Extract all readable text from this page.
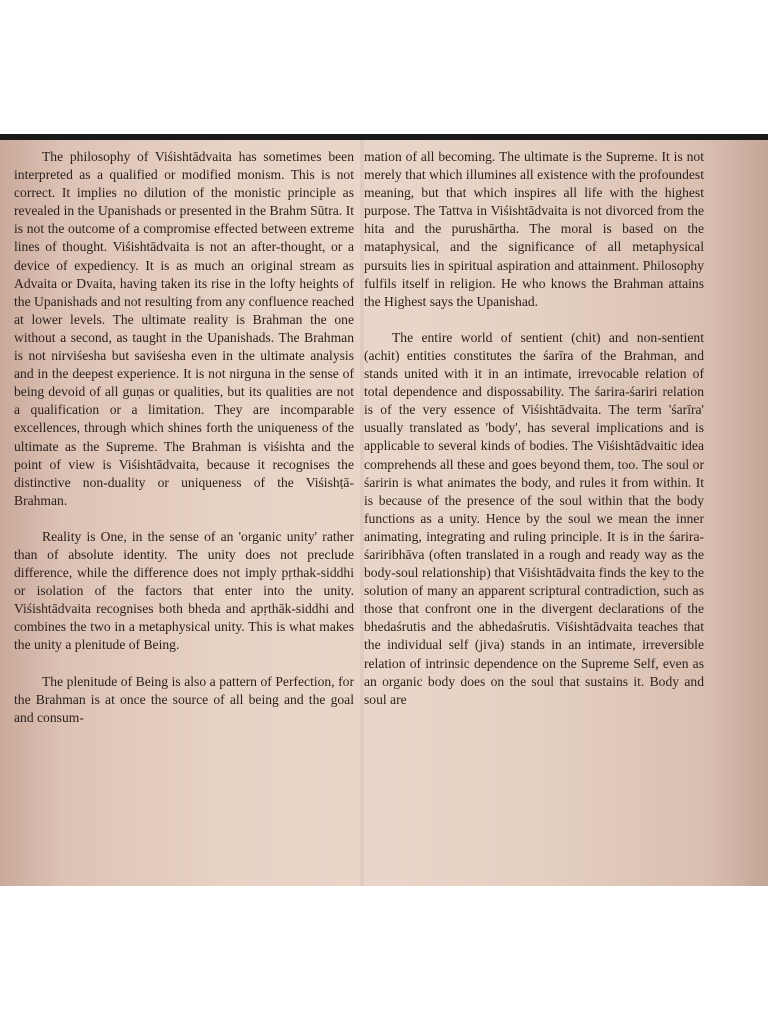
The philosophy of Viśishtādvaita has sometimes been interpreted as a qualified or modified monism. This is not correct. It implies no dilution of the monistic principle as revealed in the Upanishads or presented in the Brahm Sūtra. It is not the outcome of a compromise effected between extreme lines of thought. Viśishtādvaita is not an after-thought, or a device of expediency. It is as much an original stream as Advaita or Dvaita, having taken its rise in the lofty heights of the Upanishads and not resulting from any confluence reached at lower levels. The ultimate reality is Brahman the one without a second, as taught in the Upanishads. The Brahman is not nirviśesha but saviśesha even in the ultimate analysis and in the deepest experience. It is not nirguna in the sense of being devoid of all guṇas or qualities, but its qualities are not a qualification or a limitation. They are incomparable excellences, through which shines forth the uniqueness of the ultimate as the Supreme. The Brahman is viśishta and the point of view is Viśishtādvaita, because it recognises the distinctive non-duality or uniqueness of the Viśishṭā-Brahman.

Reality is One, in the sense of an 'organic unity' rather than of absolute identity. The unity does not preclude difference, while the difference does not imply pṛthak-siddhi or isolation of the factors that enter into the unity. Viśishtādvaita recognises both bheda and apṛthāk-siddhi and combines the two in a metaphysical unity. This is what makes the unity a plenitude of Being.

The plenitude of Being is also a pattern of Perfection, for the Brahman is at once the source of all being and the goal and consum-

mation of all becoming. The ultimate is the Supreme. It is not merely that which illumines all existence with the profoundest meaning, but that which inspires all life with the highest purpose. The Tattva in Viśishtādvaita is not divorced from the hita and the purushārtha. The moral is based on the mataphysical, and the significance of all metaphysical pursuits lies in spiritual aspiration and attainment. Philosophy fulfils itself in religion. He who knows the Brahman attains the Highest says the Upanishad.

The entire world of sentient (chit) and non-sentient (achit) entities constitutes the śarīra of the Brahman, and stands united with it in an intimate, irrevocable relation of total dependence and dispossability. The śarira-śariri relation is of the very essence of Viśishtādvaita. The term 'śarīra' usually translated as 'body', has several implications and is applicable to several kinds of bodies. The Viśishtādvaitic idea comprehends all these and goes beyond them, too. The soul or śaririn is what animates the body, and rules it from within. It is because of the presence of the soul within that the body functions as a unity. Hence by the soul we mean the inner animating, integrating and ruling principle. It is in the śarira-śariribhāva (often translated in a rough and ready way as the body-soul relationship) that Viśishtādvaita finds the key to the solution of many an apparent scriptural contradiction, such as those that confront one in the divergent declarations of the bhedaśrutis and the abhedaśrutis. Viśishtādvaita teaches that the individual self (jiva) stands in an intimate, irreversible relation of intrinsic dependence on the Supreme Self, even as an organic body does on the soul that sustains it. Body and soul are
